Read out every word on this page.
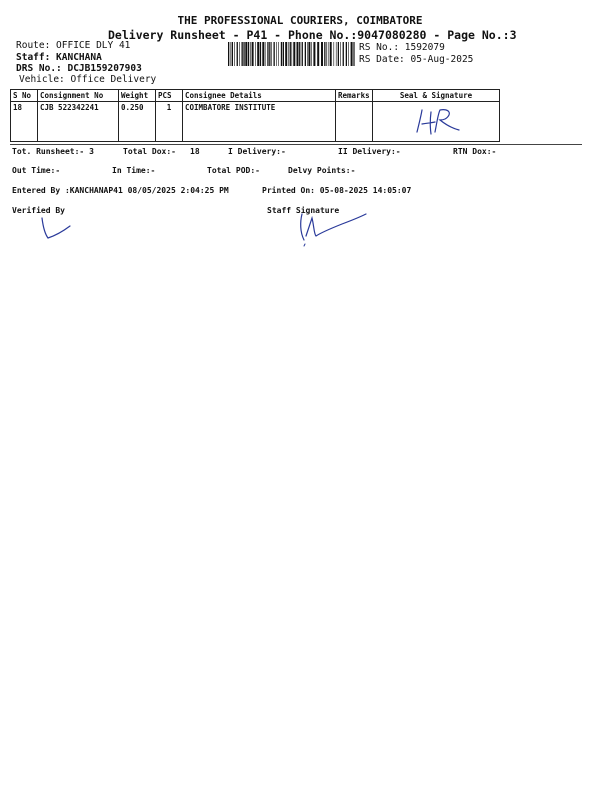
THE PROFESSIONAL COURIERS, COIMBATORE
Delivery Runsheet - P41 - Phone No.:9047080280 - Page No.:3
Route: OFFICE DLY 41
Staff: KANCHANA
DRS No.: DCJB159207903
Vehicle: Office Delivery
RS No.: 1592079
RS Date: 05-Aug-2025
S No	Consignment No	Weight	PCS	Consignee Details	Remarks	Seal & Signature
18	CJB 522342241	0.250	1	COIMBATORE INSTITUTE		
Tot. Runsheet:- 3	Total Dox:- 18	I Delivery:-	II Delivery:-	RTN Dox:-
Out Time:-	In Time:-	Total POD:-	Delvy Points:-
Entered By :KANCHANAP41 08/05/2025 2:04:25 PM	Printed On: 05-08-2025 14:05:07
Verified By	Staff Signature
